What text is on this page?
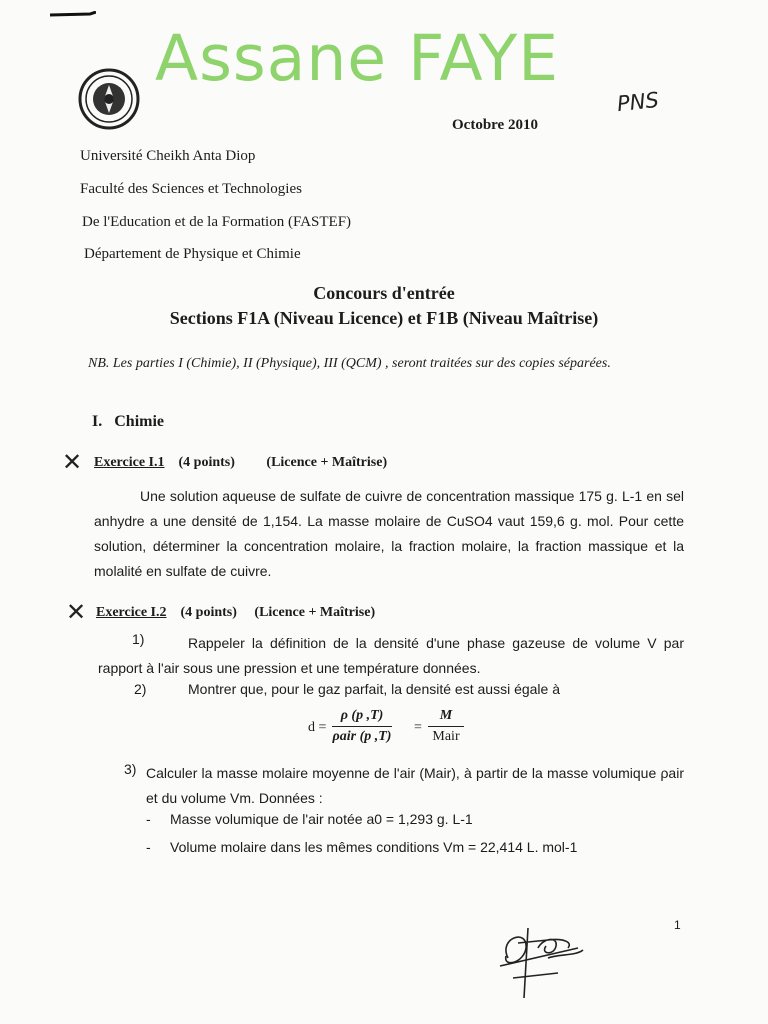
Assane FAYE
PNS
Octobre 2010
Université Cheikh Anta Diop
Faculté des Sciences et Technologies
De l'Education et de la Formation (FASTEF)
Département de Physique et Chimie
Concours d'entrée
Sections F1A (Niveau Licence) et F1B (Niveau Maîtrise)
NB. Les parties I (Chimie), II (Physique), III (QCM) , seront traitées sur des copies séparées.
I. Chimie
✕ Exercice I.1 (4 points) (Licence + Maîtrise)
Une solution aqueuse de sulfate de cuivre de concentration massique 175 g. L-1 en sel anhydre a une densité de 1,154. La masse molaire de CuSO4 vaut 159,6 g. mol. Pour cette solution, déterminer la concentration molaire, la fraction molaire, la fraction massique et la molalité en sulfate de cuivre.
✕ Exercice I.2 (4 points) (Licence + Maîtrise)
1)	Rappeler la définition de la densité d'une phase gazeuse de volume V par rapport à l'air sous une pression et une température données.
2)	Montrer que, pour le gaz parfait, la densité est aussi égale à
d =
ρ (p ,T)
ρair (p ,T)
=
M
Mair
3) Calculer la masse molaire moyenne de l'air (Mair), à partir de la masse volumique ρair et du volume Vm. Données :
- Masse volumique de l'air notée a0 = 1,293 g. L-1
- Volume molaire dans les mêmes conditions Vm = 22,414 L. mol-1
1
